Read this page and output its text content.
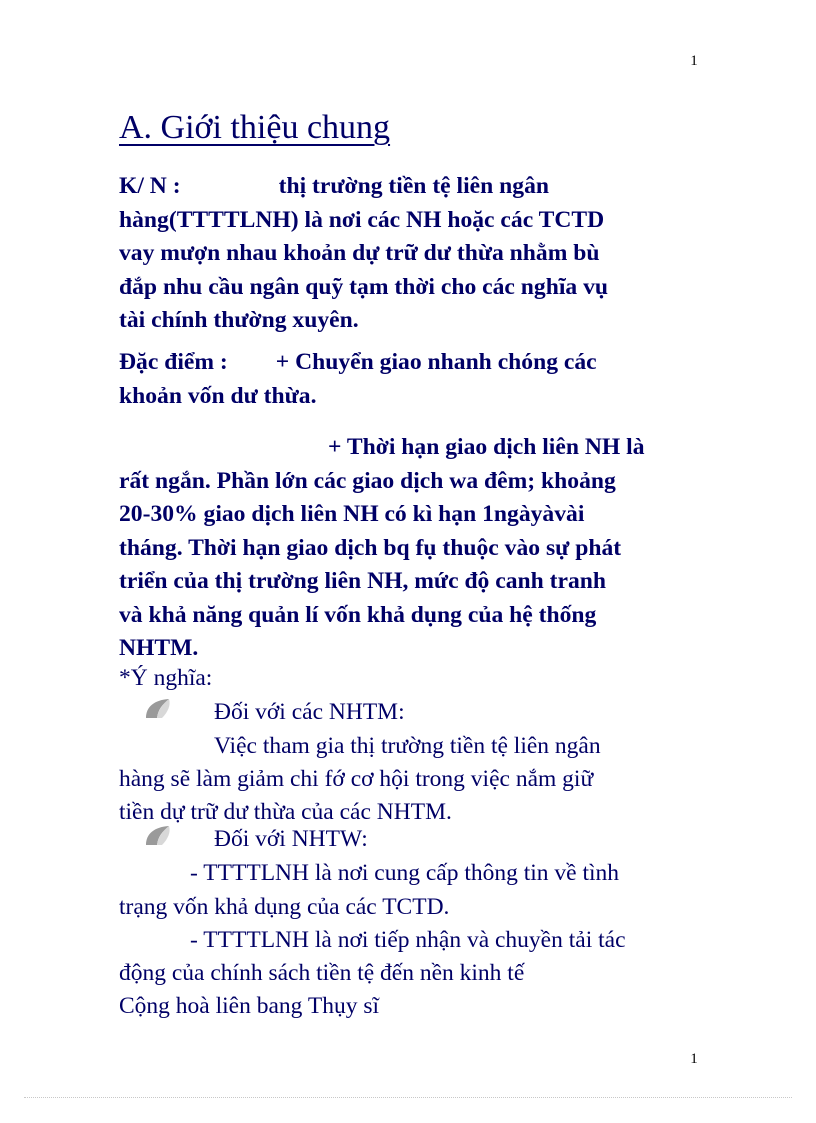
1
A. Giới thiệu chung
K/ N :	thị trường tiền tệ liên ngân
hàng(TTTTLNH) là nơi các NH hoặc các TCTD
vay mượn nhau khoản dự trữ dư thừa nhằm bù
đắp nhu cầu ngân quỹ tạm thời cho các nghĩa vụ
tài chính thường xuyên.
Đặc điểm : + Chuyển giao nhanh chóng các
khoản vốn dư thừa.
+ Thời hạn giao dịch liên NH là
rất ngắn. Phần lớn các giao dịch wa đêm; khoảng
20-30% giao dịch liên NH có kì hạn 1ngàyàvài
tháng. Thời hạn giao dịch bq fụ thuộc vào sự phát
triển của thị trường liên NH, mức độ canh tranh
và khả năng quản lí vốn khả dụng của hệ thống
NHTM.
*Ý nghĩa:
Đối với các NHTM:
Việc tham gia thị trường tiền tệ liên ngân
hàng sẽ làm giảm chi fớ cơ hội trong việc nắm giữ
tiền dự trữ dư thừa của các NHTM.
Đối với NHTW:
- TTTTLNH là nơi cung cấp thông tin về tình
trạng vốn khả dụng của các TCTD.
- TTTTLNH là nơi tiếp nhận và chuyền tải tác
động của chính sách tiền tệ đến nền kinh tế
Cộng hoà liên bang Thụy sĩ
1
